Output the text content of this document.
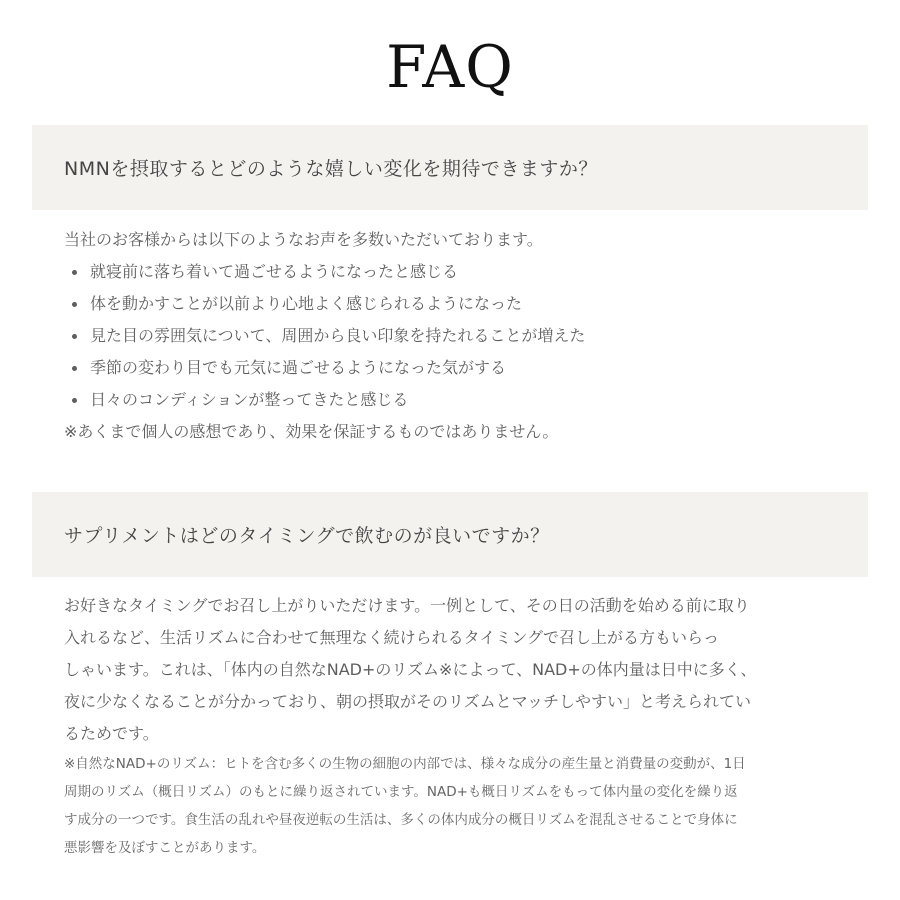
FAQ
NMNを摂取するとどのような嬉しい変化を期待できますか？

当社のお客様からは以下のようなお声を多数いただいております。

就寝前に落ち着いて過ごせるようになったと感じる
体を動かすことが以前より心地よく感じられるようになった
見た目の雰囲気について、周囲から良い印象を持たれることが増えた
季節の変わり目でも元気に過ごせるようになった気がする
日々のコンディションが整ってきたと感じる

※あくまで個人の感想であり、効果を保証するものではありません。

サプリメントはどのタイミングで飲むのが良いですか？
お好きなタイミングでお召し上がりいただけます。一例として、その日の活動を始める前に取り
入れるなど、生活リズムに合わせて無理なく続けられるタイミングで召し上がる方もいらっ
しゃいます。これは、「体内の自然なNAD+のリズム※によって、NAD+の体内量は日中に多く、
夜に少なくなることが分かっており、朝の摂取がそのリズムとマッチしやすい」と考えられてい
るためです。
※自然なNAD+のリズム：ヒトを含む多くの生物の細胞の内部では、様々な成分の産生量と消費量の変動が、1日
周期のリズム（概日リズム）のもとに繰り返されています。NAD+も概日リズムをもって体内量の変化を繰り返
す成分の一つです。食生活の乱れや昼夜逆転の生活は、多くの体内成分の概日リズムを混乱させることで身体に
悪影響を及ぼすことがあります。
